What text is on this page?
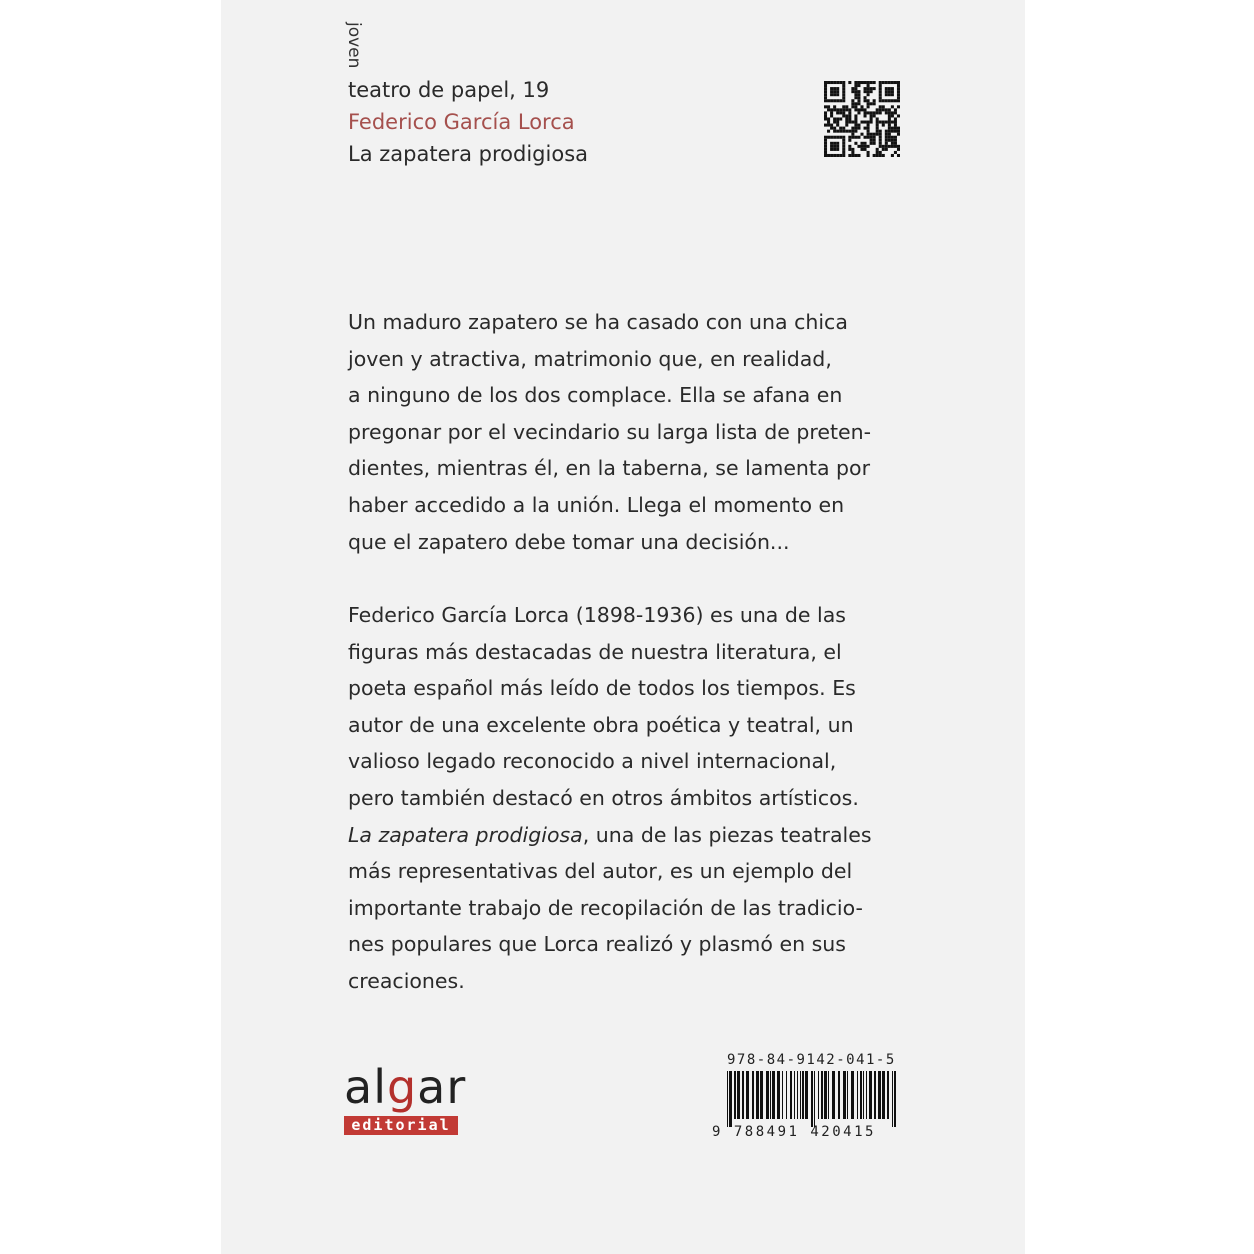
joven
teatro de papel, 19
Federico García Lorca
La zapatera prodigiosa
Un maduro zapatero se ha casado con una chica
joven y atractiva, matrimonio que, en realidad,
a ninguno de los dos complace. Ella se afana en
pregonar por el vecindario su larga lista de preten-
dientes, mientras él, en la taberna, se lamenta por
haber accedido a la unión. Llega el momento en
que el zapatero debe tomar una decisión...
Federico García Lorca (1898-1936) es una de las
figuras más destacadas de nuestra literatura, el
poeta español más leído de todos los tiempos. Es
autor de una excelente obra poética y teatral, un
valioso legado reconocido a nivel internacional,
pero también destacó en otros ámbitos artísticos.
La zapatera prodigiosa, una de las piezas teatrales
más representativas del autor, es un ejemplo del
importante trabajo de recopilación de las tradicio-
nes populares que Lorca realizó y plasmó en sus
creaciones.
algar
editorial
978-84-9142-041-5
9 788491 420415
